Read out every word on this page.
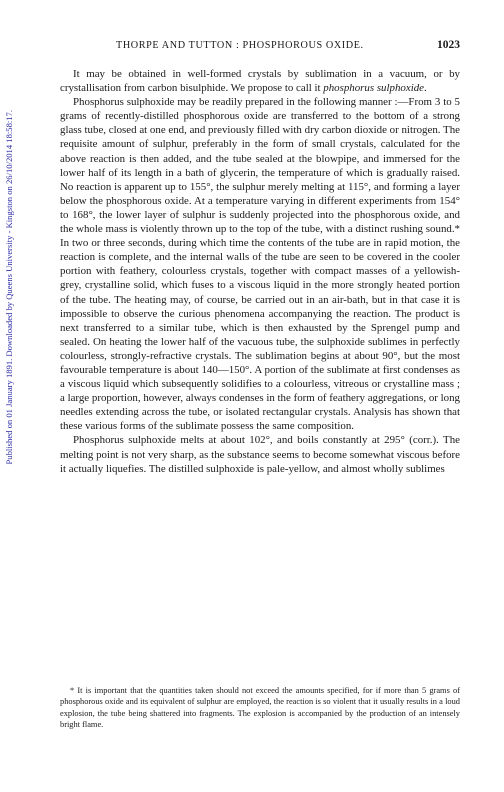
Published on 01 January 1891. Downloaded by Queens University - Kingston on 26/10/2014 18:58:17.
THORPE AND TUTTON : PHOSPHOROUS OXIDE.	1023

It may be obtained in well-formed crystals by sublimation in a vacuum, or by crystallisation from carbon bisulphide. We propose to call it phosphorus sulphoxide.

Phosphorus sulphoxide may be readily prepared in the following manner :—From 3 to 5 grams of recently-distilled phosphorous oxide are transferred to the bottom of a strong glass tube, closed at one end, and previously filled with dry carbon dioxide or nitrogen. The requisite amount of sulphur, preferably in the form of small crystals, calculated for the above reaction is then added, and the tube sealed at the blowpipe, and immersed for the lower half of its length in a bath of glycerin, the temperature of which is gradually raised. No reaction is apparent up to 155°, the sulphur merely melting at 115°, and forming a layer below the phosphorous oxide. At a temperature varying in different experiments from 154° to 168°, the lower layer of sulphur is suddenly projected into the phosphorous oxide, and the whole mass is violently thrown up to the top of the tube, with a distinct rushing sound.* In two or three seconds, during which time the contents of the tube are in rapid motion, the reaction is complete, and the internal walls of the tube are seen to be covered in the cooler portion with feathery, colourless crystals, together with compact masses of a yellowish-grey, crystalline solid, which fuses to a viscous liquid in the more strongly heated portion of the tube. The heating may, of course, be carried out in an air-bath, but in that case it is impossible to observe the curious phenomena accompanying the reaction. The product is next transferred to a similar tube, which is then exhausted by the Sprengel pump and sealed. On heating the lower half of the vacuous tube, the sulphoxide sublimes in perfectly colourless, strongly-refractive crystals. The sublimation begins at about 90°, but the most favourable temperature is about 140—150°. A portion of the sublimate at first condenses as a viscous liquid which subsequently solidifies to a colourless, vitreous or crystalline mass ; a large proportion, however, always condenses in the form of feathery aggregations, or long needles extending across the tube, or isolated rectangular crystals. Analysis has shown that these various forms of the sublimate possess the same composition.

Phosphorus sulphoxide melts at about 102°, and boils constantly at 295° (corr.). The melting point is not very sharp, as the substance seems to become somewhat viscous before it actually liquefies. The distilled sulphoxide is pale-yellow, and almost wholly sublimes

* It is important that the quantities taken should not exceed the amounts specified, for if more than 5 grams of phosphorous oxide and its equivalent of sulphur are employed, the reaction is so violent that it usually results in a loud explosion, the tube being shattered into fragments. The explosion is accompanied by the production of an intensely bright flame.
